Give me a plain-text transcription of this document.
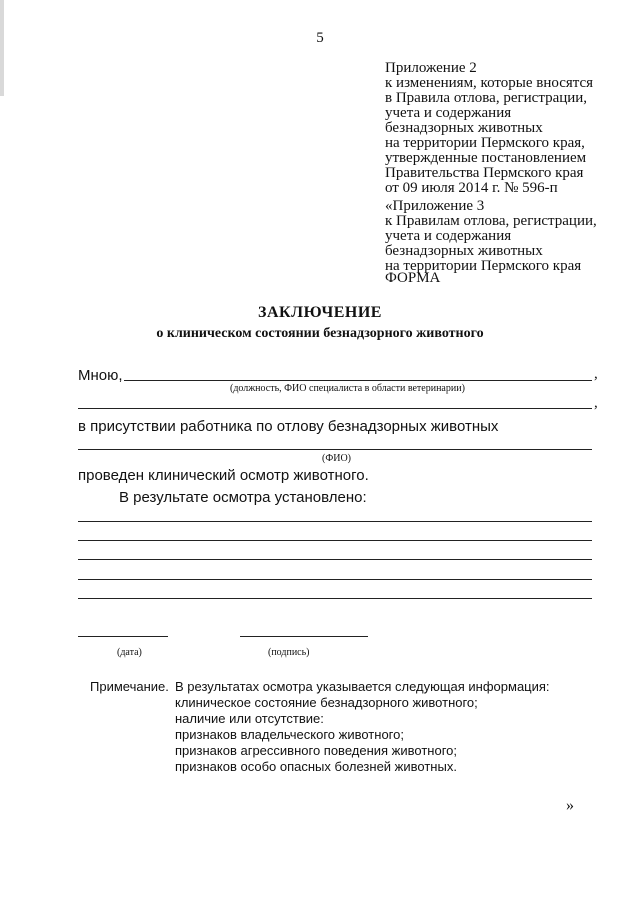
5
Приложение 2
к изменениям, которые вносятся
в Правила отлова, регистрации,
учета и содержания
безнадзорных животных
на территории Пермского края,
утвержденные постановлением
Правительства Пермского края
от 09 июля 2014 г. № 596-п
«Приложение 3
к Правилам отлова, регистрации,
учета и содержания
безнадзорных животных
на территории Пермского края
ФОРМА
ЗАКЛЮЧЕНИЕ
о клиническом состоянии безнадзорного животного
Мною,	,
(должность, ФИО специалиста в области ветеринарии)
,
в присутствии работника по отлову безнадзорных животных
(ФИО)
проведен клинический осмотр животного.
В результате осмотра установлено:
(дата)	(подпись)
Примечание. В результатах осмотра указывается следующая информация:
клиническое состояние безнадзорного животного;
наличие или отсутствие:
признаков владельческого животного;
признаков агрессивного поведения животного;
признаков особо опасных болезней животных.
»
